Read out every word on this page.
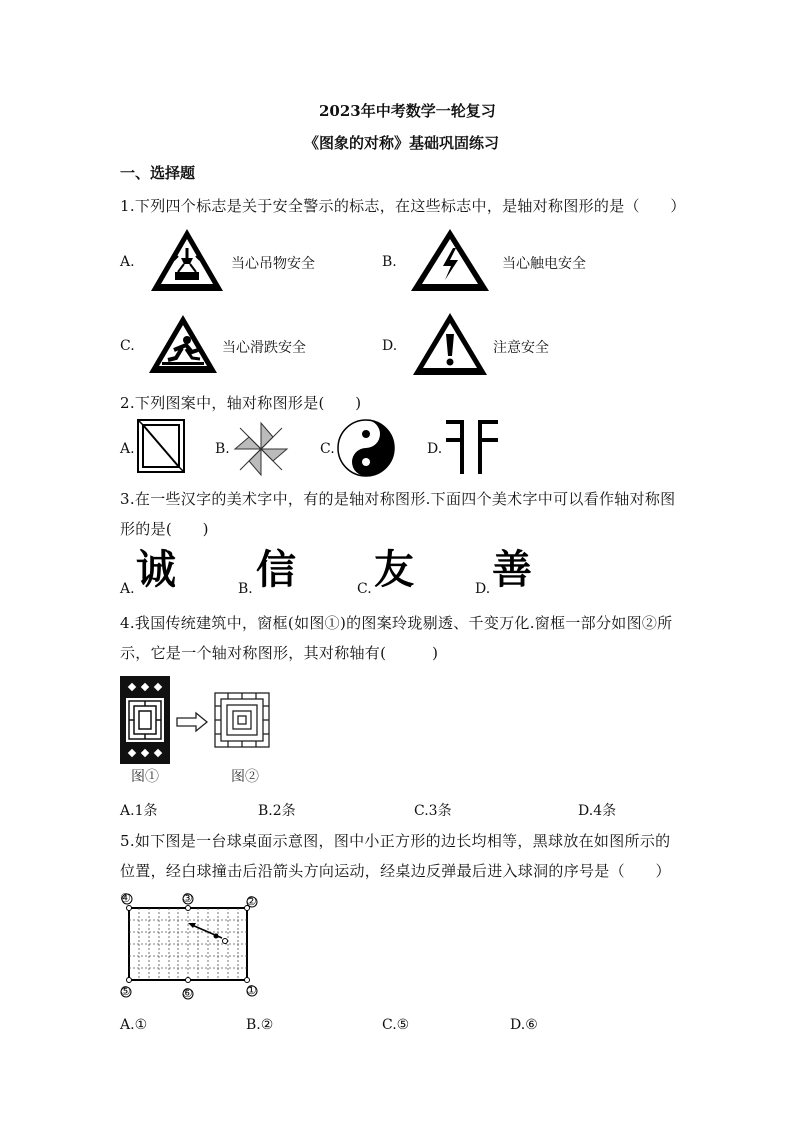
2023年中考数学一轮复习
《图象的对称》基础巩固练习
一、选择题
1.下列四个标志是关于安全警示的标志，在这些标志中，是轴对称图形的是（　　）
A.	当心吊物安全	B.	当心触电安全
C.	当心滑跌安全	D.	注意安全
2.下列图案中，轴对称图形是(　　)
A.	B.	C.	D.
3.在一些汉字的美术字中，有的是轴对称图形.下面四个美术字中可以看作轴对称图
形的是(　　)
A. 诚	B. 信	C. 友	D. 善
4.我国传统建筑中，窗框(如图①)的图案玲珑剔透、千变万化.窗框一部分如图②所
示，它是一个轴对称图形，其对称轴有(　　　)
图①	图②
A.1条	B.2条	C.3条	D.4条
5.如下图是一台球桌面示意图，图中小正方形的边长均相等，黑球放在如图所示的
位置，经白球撞击后沿箭头方向运动，经桌边反弹最后进入球洞的序号是（　　）
④	③	②
⑤	⑥	①
A.①	B.②	C.⑤	D.⑥
